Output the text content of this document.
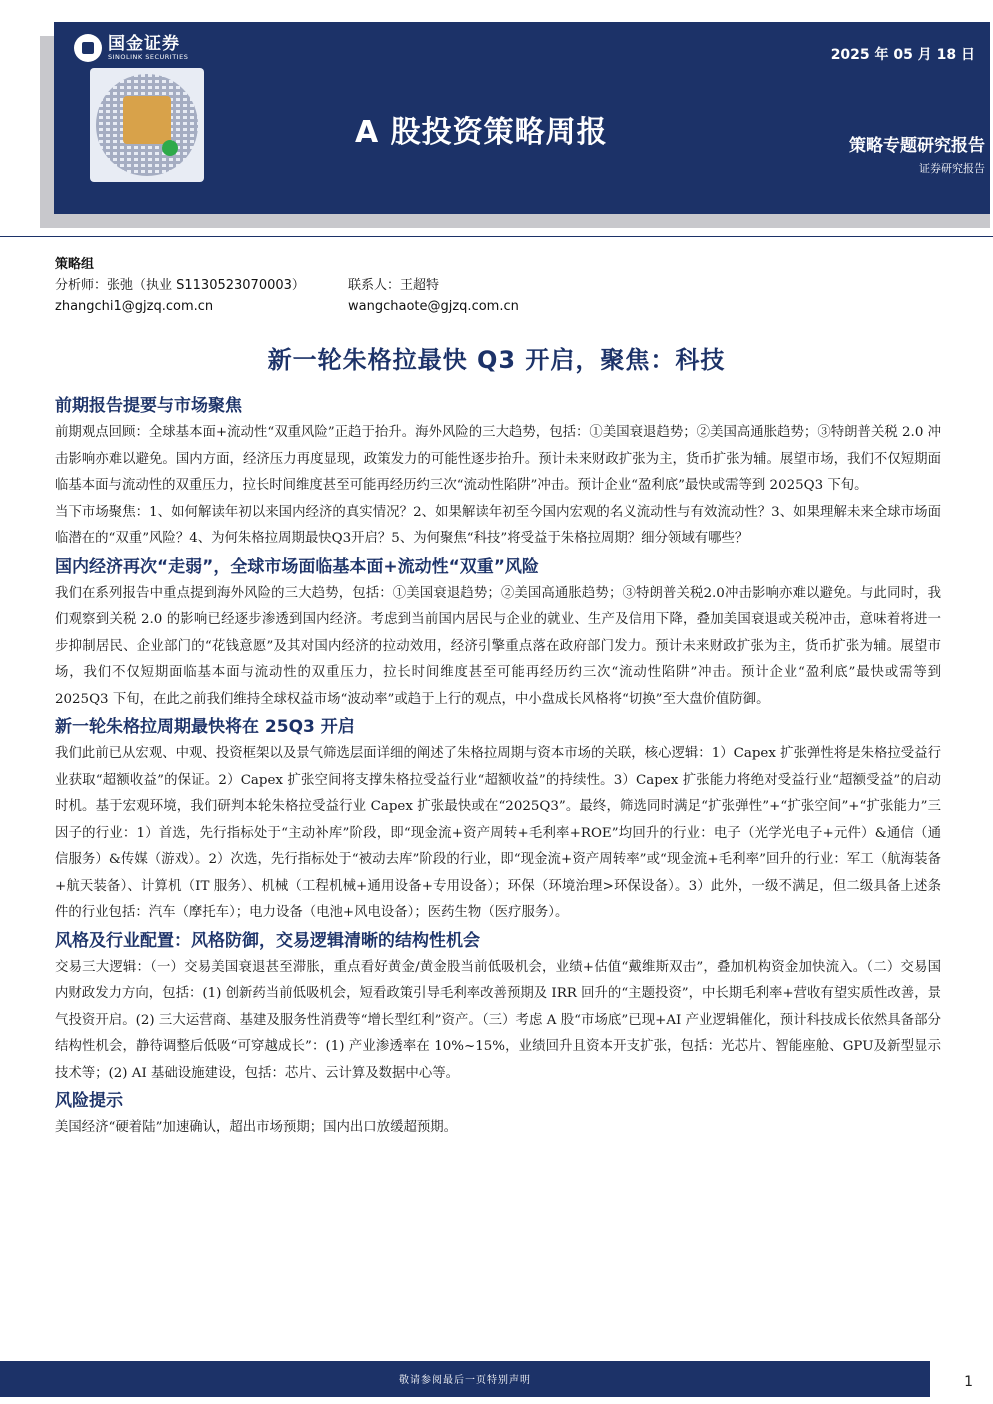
国金证券
SINOLINK SECURITIES	2025 年 05 月 18 日
A 股投资策略周报	策略专题研究报告
证券研究报告
策略组
分析师：张弛（执业 S1130523070003）	联系人：王超特
zhangchi1@gjzq.com.cn	wangchaote@gjzq.com.cn
新一轮朱格拉最快 Q3 开启，聚焦：科技
前期报告提要与市场聚焦

前期观点回顾：全球基本面+流动性“双重风险”正趋于抬升。海外风险的三大趋势，包括：①美国衰退趋势；②美国高通胀趋势；③特朗普关税 2.0 冲击影响亦难以避免。国内方面，经济压力再度显现，政策发力的可能性逐步抬升。预计未来财政扩张为主，货币扩张为辅。展望市场，我们不仅短期面临基本面与流动性的双重压力，拉长时间维度甚至可能再经历约三次“流动性陷阱”冲击。预计企业“盈利底”最快或需等到 2025Q3 下旬。

当下市场聚焦：1、如何解读年初以来国内经济的真实情况？2、如果解读年初至今国内宏观的名义流动性与有效流动性？3、如果理解未来全球市场面临潜在的“双重”风险？4、为何朱格拉周期最快Q3开启？5、为何聚焦“科技”将受益于朱格拉周期？细分领域有哪些？

国内经济再次“走弱”，全球市场面临基本面+流动性“双重”风险

我们在系列报告中重点提到海外风险的三大趋势，包括：①美国衰退趋势；②美国高通胀趋势；③特朗普关税2.0冲击影响亦难以避免。与此同时，我们观察到关税 2.0 的影响已经逐步渗透到国内经济。考虑到当前国内居民与企业的就业、生产及信用下降，叠加美国衰退或关税冲击，意味着将进一步抑制居民、企业部门的“花钱意愿”及其对国内经济的拉动效用，经济引擎重点落在政府部门发力。预计未来财政扩张为主，货币扩张为辅。展望市场，我们不仅短期面临基本面与流动性的双重压力，拉长时间维度甚至可能再经历约三次“流动性陷阱”冲击。预计企业“盈利底”最快或需等到 2025Q3 下旬，在此之前我们维持全球权益市场“波动率”或趋于上行的观点，中小盘成长风格将“切换”至大盘价值防御。

新一轮朱格拉周期最快将在 25Q3 开启

我们此前已从宏观、中观、投资框架以及景气筛选层面详细的阐述了朱格拉周期与资本市场的关联，核心逻辑：1）Capex 扩张弹性将是朱格拉受益行业获取“超额收益”的保证。2）Capex 扩张空间将支撑朱格拉受益行业“超额收益”的持续性。3）Capex 扩张能力将绝对受益行业“超额受益”的启动时机。基于宏观环境，我们研判本轮朱格拉受益行业 Capex 扩张最快或在“2025Q3”。最终，筛选同时满足“扩张弹性”+“扩张空间”+“扩张能力”三因子的行业：1）首选，先行指标处于“主动补库”阶段，即“现金流+资产周转+毛利率+ROE”均回升的行业：电子（光学光电子+元件）&通信（通信服务）&传媒（游戏）。2）次选，先行指标处于“被动去库”阶段的行业，即“现金流+资产周转率”或“现金流+毛利率”回升的行业：军工（航海装备+航天装备）、计算机（IT 服务）、机械（工程机械+通用设备+专用设备）；环保（环境治理>环保设备）。3）此外，一级不满足，但二级具备上述条件的行业包括：汽车（摩托车）；电力设备（电池+风电设备）；医药生物（医疗服务）。

风格及行业配置：风格防御，交易逻辑清晰的结构性机会

交易三大逻辑：（一）交易美国衰退甚至滞胀，重点看好黄金/黄金股当前低吸机会，业绩+估值“戴维斯双击”，叠加机构资金加快流入。（二）交易国内财政发力方向，包括：(1) 创新药当前低吸机会，短看政策引导毛利率改善预期及 IRR 回升的“主题投资”，中长期毛利率+营收有望实质性改善，景气投资开启。(2) 三大运营商、基建及服务性消费等“增长型红利”资产。（三）考虑 A 股“市场底”已现+AI 产业逻辑催化，预计科技成长依然具备部分结构性机会，静待调整后低吸“可穿越成长”：(1) 产业渗透率在 10%~15%，业绩回升且资本开支扩张，包括：光芯片、智能座舱、GPU及新型显示技术等；(2) AI 基础设施建设，包括：芯片、云计算及数据中心等。

风险提示

美国经济“硬着陆”加速确认，超出市场预期；国内出口放缓超预期。

敬请参阅最后一页特别声明	1
